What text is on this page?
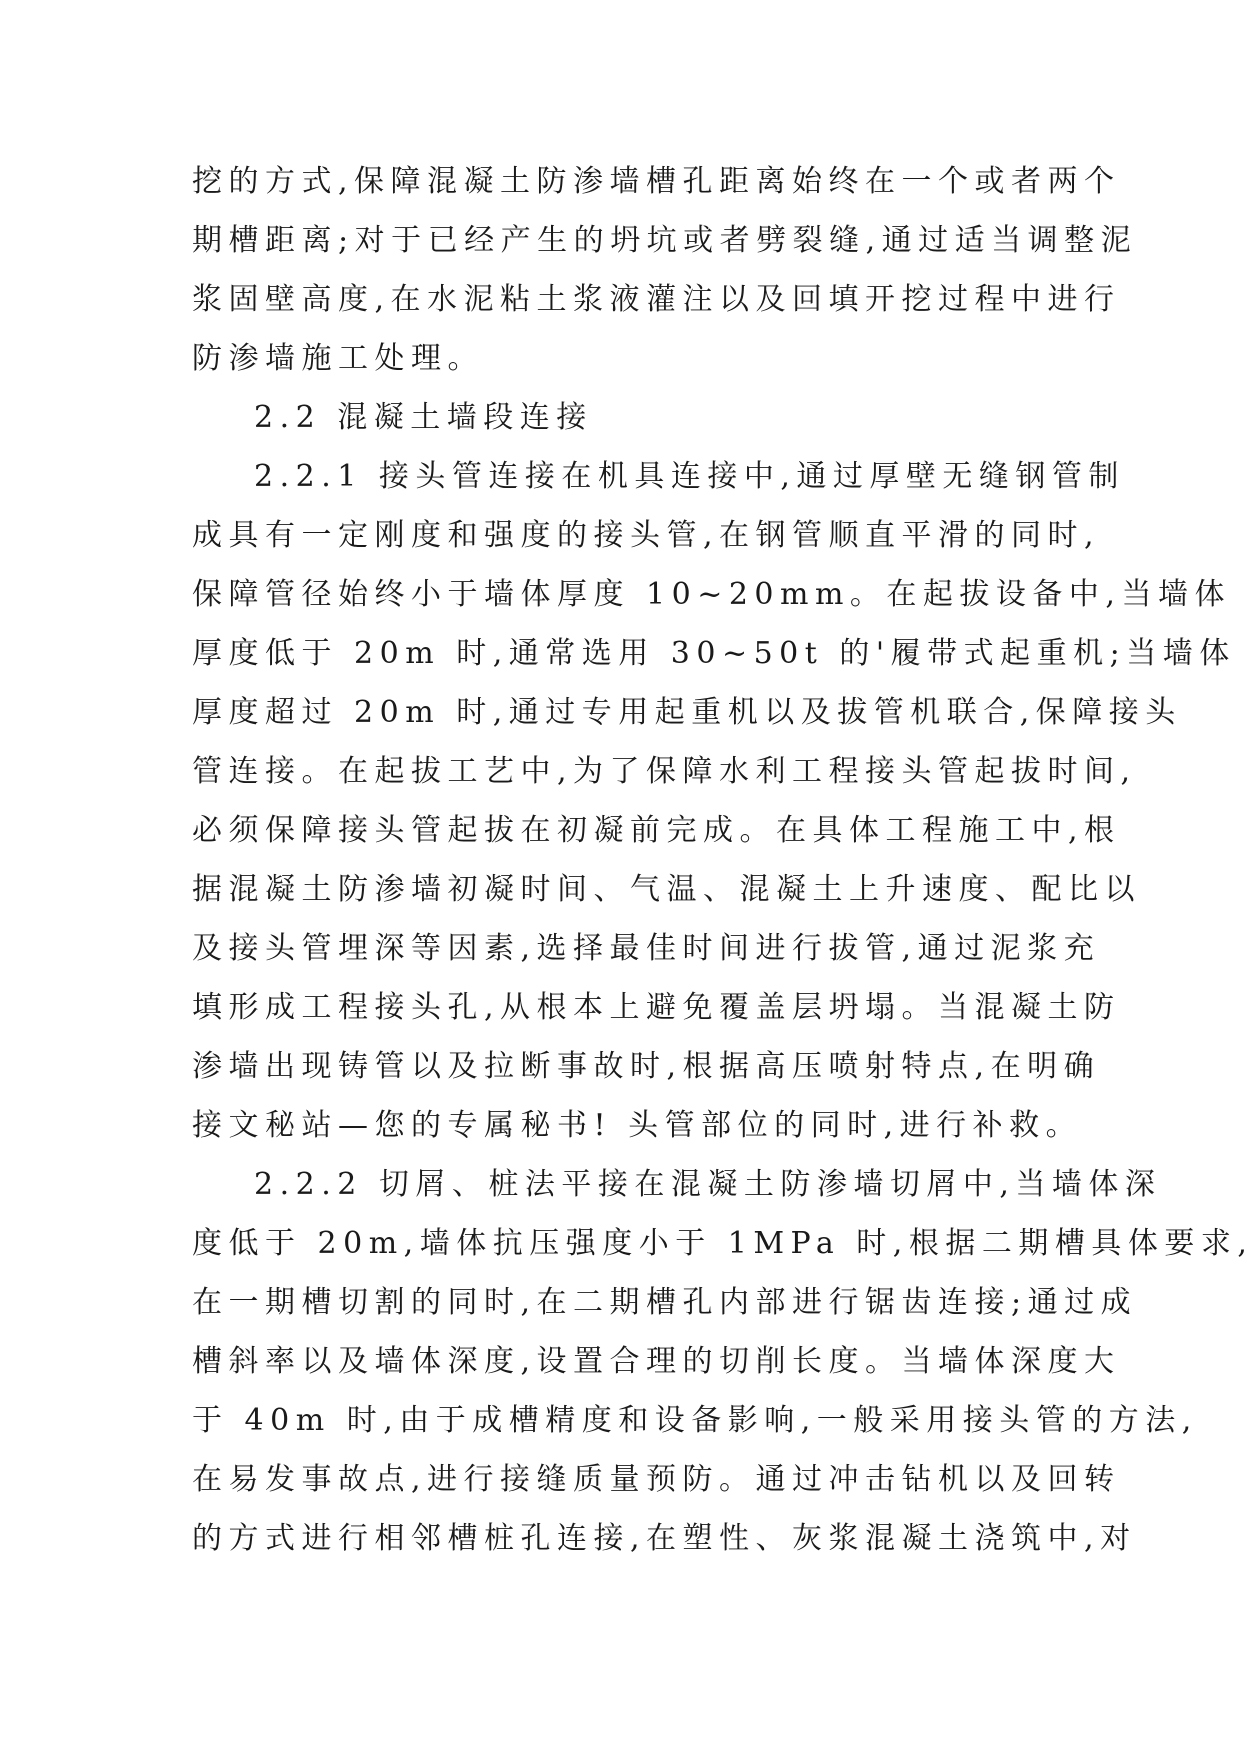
挖的方式,保障混凝土防渗墙槽孔距离始终在一个或者两个
期槽距离;对于已经产生的坍坑或者劈裂缝,通过适当调整泥
浆固壁高度,在水泥粘土浆液灌注以及回填开挖过程中进行
防渗墙施工处理。
2.2 混凝土墙段连接
2.2.1 接头管连接在机具连接中,通过厚壁无缝钢管制
成具有一定刚度和强度的接头管,在钢管顺直平滑的同时,
保障管径始终小于墙体厚度 10~20mm。在起拔设备中,当墙体
厚度低于 20m 时,通常选用 30~50t 的'履带式起重机;当墙体
厚度超过 20m 时,通过专用起重机以及拔管机联合,保障接头
管连接。在起拔工艺中,为了保障水利工程接头管起拔时间,
必须保障接头管起拔在初凝前完成。在具体工程施工中,根
据混凝土防渗墙初凝时间、气温、混凝土上升速度、配比以
及接头管埋深等因素,选择最佳时间进行拔管,通过泥浆充
填形成工程接头孔,从根本上避免覆盖层坍塌。当混凝土防
渗墙出现铸管以及拉断事故时,根据高压喷射特点,在明确
接文秘站—您的专属秘书! 头管部位的同时,进行补救。
2.2.2 切屑、桩法平接在混凝土防渗墙切屑中,当墙体深
度低于 20m,墙体抗压强度小于 1MPa 时,根据二期槽具体要求,
在一期槽切割的同时,在二期槽孔内部进行锯齿连接;通过成
槽斜率以及墙体深度,设置合理的切削长度。当墙体深度大
于 40m 时,由于成槽精度和设备影响,一般采用接头管的方法,
在易发事故点,进行接缝质量预防。通过冲击钻机以及回转
的方式进行相邻槽桩孔连接,在塑性、灰浆混凝土浇筑中,对
